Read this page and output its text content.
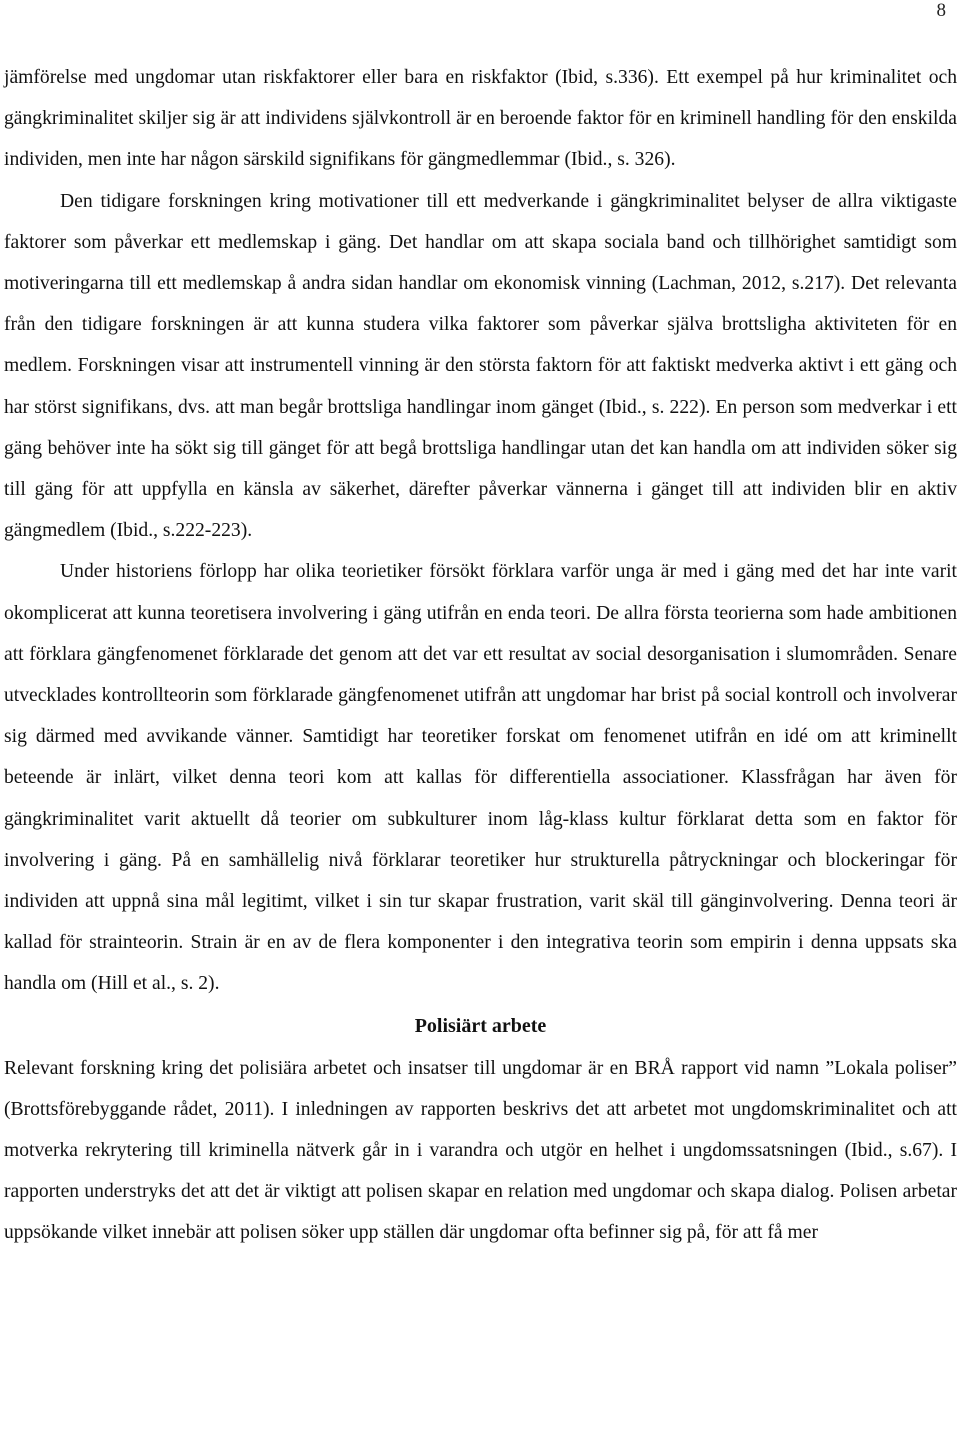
8

jämförelse med ungdomar utan riskfaktorer eller bara en riskfaktor (Ibid, s.336). Ett exempel på hur kriminalitet och gängkriminalitet skiljer sig är att individens självkontroll är en beroende faktor för en kriminell handling för den enskilda individen, men inte har någon särskild signifikans för gängmedlemmar (Ibid., s. 326).

Den tidigare forskningen kring motivationer till ett medverkande i gängkriminalitet belyser de allra viktigaste faktorer som påverkar ett medlemskap i gäng. Det handlar om att skapa sociala band och tillhörighet samtidigt som motiveringarna till ett medlemskap å andra sidan handlar om ekonomisk vinning (Lachman, 2012, s.217). Det relevanta från den tidigare forskningen är att kunna studera vilka faktorer som påverkar själva brottsligha aktiviteten för en medlem. Forskningen visar att instrumentell vinning är den största faktorn för att faktiskt medverka aktivt i ett gäng och har störst signifikans, dvs. att man begår brottsliga handlingar inom gänget (Ibid., s. 222). En person som medverkar i ett gäng behöver inte ha sökt sig till gänget för att begå brottsliga handlingar utan det kan handla om att individen söker sig till gäng för att uppfylla en känsla av säkerhet, därefter påverkar vännerna i gänget till att individen blir en aktiv gängmedlem (Ibid., s.222-223).

Under historiens förlopp har olika teorietiker försökt förklara varför unga är med i gäng med det har inte varit okomplicerat att kunna teoretisera involvering i gäng utifrån en enda teori. De allra första teorierna som hade ambitionen att förklara gängfenomenet förklarade det genom att det var ett resultat av social desorganisation i slumområden. Senare utvecklades kontrollteorin som förklarade gängfenomenet utifrån att ungdomar har brist på social kontroll och involverar sig därmed med avvikande vänner. Samtidigt har teoretiker forskat om fenomenet utifrån en idé om att kriminellt beteende är inlärt, vilket denna teori kom att kallas för differentiella associationer. Klassfrågan har även för gängkriminalitet varit aktuellt då teorier om subkulturer inom låg-klass kultur förklarat detta som en faktor för involvering i gäng. På en samhällelig nivå förklarar teoretiker hur strukturella påtryckningar och blockeringar för individen att uppnå sina mål legitimt, vilket i sin tur skapar frustration, varit skäl till gänginvolvering. Denna teori är kallad för strainteorin. Strain är en av de flera komponenter i den integrativa teorin som empirin i denna uppsats ska handla om (Hill et al., s. 2).

Polisiärt arbete

Relevant forskning kring det polisiära arbetet och insatser till ungdomar är en BRÅ rapport vid namn ”Lokala poliser” (Brottsförebyggande rådet, 2011). I inledningen av rapporten beskrivs det att arbetet mot ungdomskriminalitet och att motverka rekrytering till kriminella nätverk går in i varandra och utgör en helhet i ungdomssatsningen (Ibid., s.67). I rapporten understryks det att det är viktigt att polisen skapar en relation med ungdomar och skapa dialog. Polisen arbetar uppsökande vilket innebär att polisen söker upp ställen där ungdomar ofta befinner sig på, för att få mer
